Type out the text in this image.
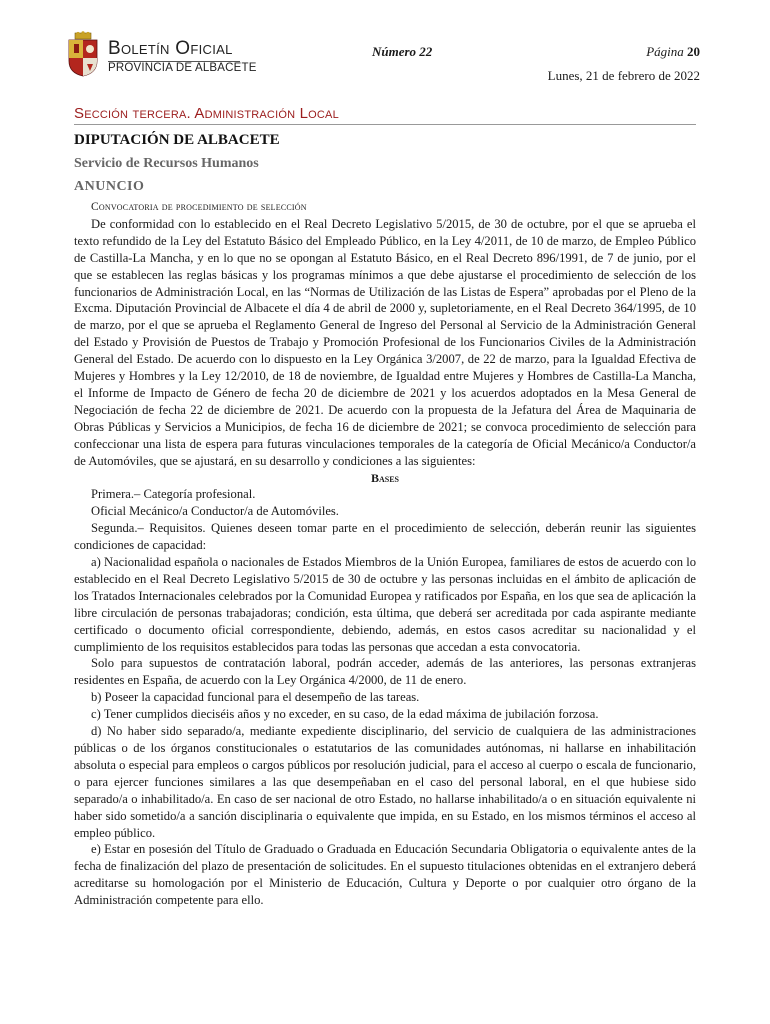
Boletín Oficial
PROVINCIA DE ALBACETE
Número 22	Página 20
Lunes, 21 de febrero de 2022
Sección tercera. Administración Local
DIPUTACIÓN DE ALBACETE
Servicio de Recursos Humanos
ANUNCIO

Convocatoria de procedimiento de selección

De conformidad con lo establecido en el Real Decreto Legislativo 5/2015, de 30 de octubre, por el que se aprueba el texto refundido de la Ley del Estatuto Básico del Empleado Público, en la Ley 4/2011, de 10 de marzo, de Empleo Público de Castilla-La Mancha, y en lo que no se opongan al Estatuto Básico, en el Real Decreto 896/1991, de 7 de junio, por el que se establecen las reglas básicas y los programas mínimos a que debe ajustarse el procedimiento de selección de los funcionarios de Administración Local, en las “Normas de Utilización de las Listas de Espera” aprobadas por el Pleno de la Excma. Diputación Provincial de Albacete el día 4 de abril de 2000 y, supletoriamente, en el Real Decreto 364/1995, de 10 de marzo, por el que se aprueba el Reglamento General de Ingreso del Personal al Servicio de la Administración General del Estado y Provisión de Puestos de Trabajo y Promoción Profesional de los Funcionarios Civiles de la Administración General del Estado. De acuerdo con lo dispuesto en la Ley Orgánica 3/2007, de 22 de marzo, para la Igualdad Efectiva de Mujeres y Hombres y la Ley 12/2010, de 18 de noviembre, de Igualdad entre Mujeres y Hombres de Castilla-La Mancha, el Informe de Impacto de Género de fecha 20 de diciembre de 2021 y los acuerdos adoptados en la Mesa General de Negociación de fecha 22 de diciembre de 2021. De acuerdo con la propuesta de la Jefatura del Área de Maquinaria de Obras Públicas y Servicios a Municipios, de fecha 16 de diciembre de 2021; se convoca procedimiento de selección para confeccionar una lista de espera para futuras vinculaciones temporales de la categoría de Oficial Mecánico/a Conductor/a de Automóviles, que se ajustará, en su desarrollo y condiciones a las siguientes:

Bases

Primera.– Categoría profesional.

Oficial Mecánico/a Conductor/a de Automóviles.

Segunda.– Requisitos. Quienes deseen tomar parte en el procedimiento de selección, deberán reunir las siguientes condiciones de capacidad:

a) Nacionalidad española o nacionales de Estados Miembros de la Unión Europea, familiares de estos de acuerdo con lo establecido en el Real Decreto Legislativo 5/2015 de 30 de octubre y las personas incluidas en el ámbito de aplicación de los Tratados Internacionales celebrados por la Comunidad Europea y ratificados por España, en los que sea de aplicación la libre circulación de personas trabajadoras; condición, esta última, que deberá ser acreditada por cada aspirante mediante certificado o documento oficial correspondiente, debiendo, además, en estos casos acreditar su nacionalidad y el cumplimiento de los requisitos establecidos para todas las personas que accedan a esta convocatoria.

Solo para supuestos de contratación laboral, podrán acceder, además de las anteriores, las personas extranjeras residentes en España, de acuerdo con la Ley Orgánica 4/2000, de 11 de enero.

b) Poseer la capacidad funcional para el desempeño de las tareas.

c) Tener cumplidos dieciséis años y no exceder, en su caso, de la edad máxima de jubilación forzosa.

d) No haber sido separado/a, mediante expediente disciplinario, del servicio de cualquiera de las administraciones públicas o de los órganos constitucionales o estatutarios de las comunidades autónomas, ni hallarse en inhabilitación absoluta o especial para empleos o cargos públicos por resolución judicial, para el acceso al cuerpo o escala de funcionario, o para ejercer funciones similares a las que desempeñaban en el caso del personal laboral, en el que hubiese sido separado/a o inhabilitado/a. En caso de ser nacional de otro Estado, no hallarse inhabilitado/a o en situación equivalente ni haber sido sometido/a a sanción disciplinaria o equivalente que impida, en su Estado, en los mismos términos el acceso al empleo público.

e) Estar en posesión del Título de Graduado o Graduada en Educación Secundaria Obligatoria o equivalente antes de la fecha de finalización del plazo de presentación de solicitudes. En el supuesto titulaciones obtenidas en el extranjero deberá acreditarse su homologación por el Ministerio de Educación, Cultura y Deporte o por cualquier otro órgano de la Administración competente para ello.
